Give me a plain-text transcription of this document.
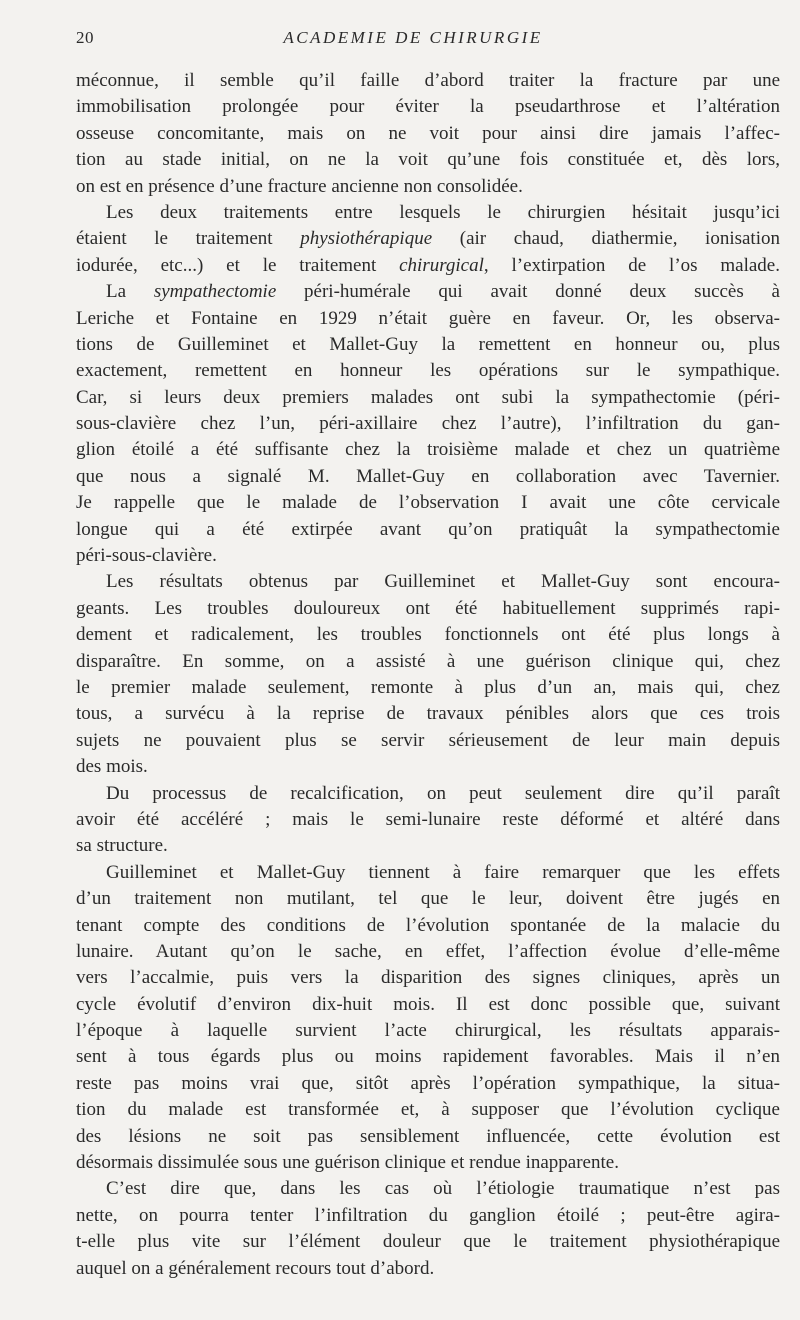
20	ACADEMIE DE CHIRURGIE
méconnue, il semble qu’il faille d’abord traiter la fracture par une
immobilisation prolongée pour éviter la pseudarthrose et l’altération
osseuse concomitante, mais on ne voit pour ainsi dire jamais l’affec-
tion au stade initial, on ne la voit qu’une fois constituée et, dès lors,
on est en présence d’une fracture ancienne non consolidée.
Les deux traitements entre lesquels le chirurgien hésitait jusqu’ici
étaient le traitement physiothérapique (air chaud, diathermie, ionisation
iodurée, etc...) et le traitement chirurgical, l’extirpation de l’os malade.
La sympathectomie péri-humérale qui avait donné deux succès à
Leriche et Fontaine en 1929 n’était guère en faveur. Or, les observa-
tions de Guilleminet et Mallet-Guy la remettent en honneur ou, plus
exactement, remettent en honneur les opérations sur le sympathique.
Car, si leurs deux premiers malades ont subi la sympathectomie (péri-
sous-clavière chez l’un, péri-axillaire chez l’autre), l’infiltration du gan-
glion étoilé a été suffisante chez la troisième malade et chez un quatrième
que nous a signalé M. Mallet-Guy en collaboration avec Tavernier.
Je rappelle que le malade de l’observation I avait une côte cervicale
longue qui a été extirpée avant qu’on pratiquât la sympathectomie
péri-sous-clavière.
Les résultats obtenus par Guilleminet et Mallet-Guy sont encoura-
geants. Les troubles douloureux ont été habituellement supprimés rapi-
dement et radicalement, les troubles fonctionnels ont été plus longs à
disparaître. En somme, on a assisté à une guérison clinique qui, chez
le premier malade seulement, remonte à plus d’un an, mais qui, chez
tous, a survécu à la reprise de travaux pénibles alors que ces trois
sujets ne pouvaient plus se servir sérieusement de leur main depuis
des mois.
Du processus de recalcification, on peut seulement dire qu’il paraît
avoir été accéléré ; mais le semi-lunaire reste déformé et altéré dans
sa structure.
Guilleminet et Mallet-Guy tiennent à faire remarquer que les effets
d’un traitement non mutilant, tel que le leur, doivent être jugés en
tenant compte des conditions de l’évolution spontanée de la malacie du
lunaire. Autant qu’on le sache, en effet, l’affection évolue d’elle-même
vers l’accalmie, puis vers la disparition des signes cliniques, après un
cycle évolutif d’environ dix-huit mois. Il est donc possible que, suivant
l’époque à laquelle survient l’acte chirurgical, les résultats apparais-
sent à tous égards plus ou moins rapidement favorables. Mais il n’en
reste pas moins vrai que, sitôt après l’opération sympathique, la situa-
tion du malade est transformée et, à supposer que l’évolution cyclique
des lésions ne soit pas sensiblement influencée, cette évolution est
désormais dissimulée sous une guérison clinique et rendue inapparente.
C’est dire que, dans les cas où l’étiologie traumatique n’est pas
nette, on pourra tenter l’infiltration du ganglion étoilé ; peut-être agira-
t-elle plus vite sur l’élément douleur que le traitement physiothérapique
auquel on a généralement recours tout d’abord.
